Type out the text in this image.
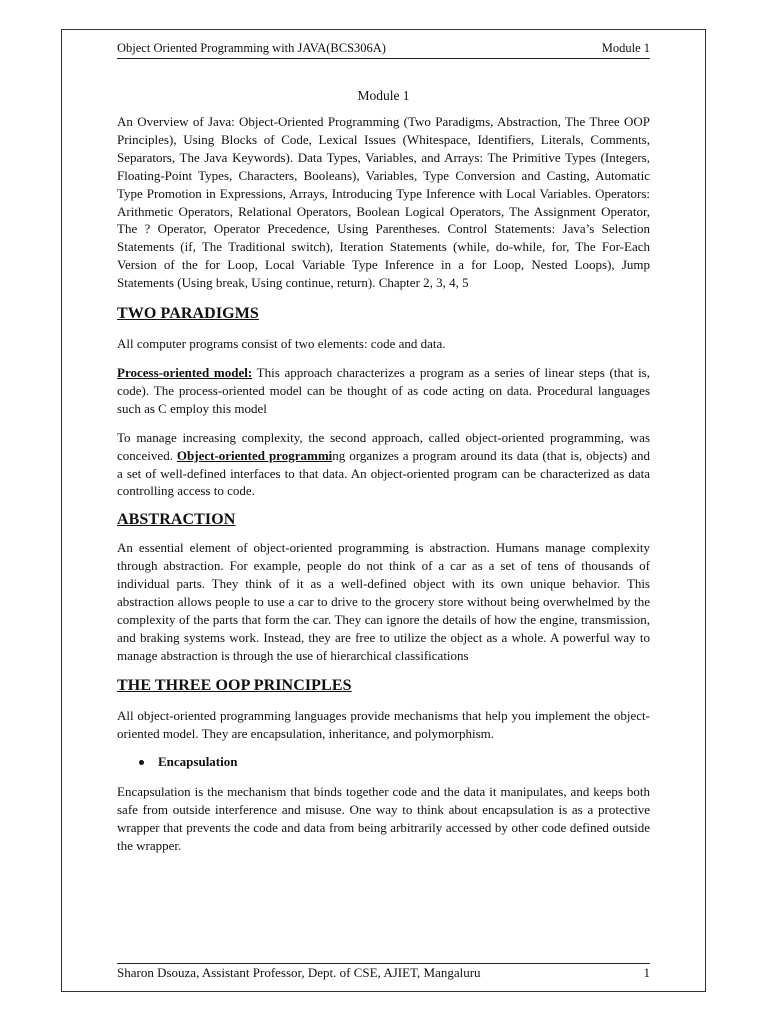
Object Oriented Programming with JAVA(BCS306A)	Module 1
Module 1

An Overview of Java: Object-Oriented Programming (Two Paradigms, Abstraction, The Three OOP Principles), Using Blocks of Code, Lexical Issues (Whitespace, Identifiers, Literals, Comments, Separators, The Java Keywords). Data Types, Variables, and Arrays: The Primitive Types (Integers, Floating-Point Types, Characters, Booleans), Variables, Type Conversion and Casting, Automatic Type Promotion in Expressions, Arrays, Introducing Type Inference with Local Variables. Operators: Arithmetic Operators, Relational Operators, Boolean Logical Operators, The Assignment Operator, The ? Operator, Operator Precedence, Using Parentheses. Control Statements: Java’s Selection Statements (if, The Traditional switch), Iteration Statements (while, do-while, for, The For-Each Version of the for Loop, Local Variable Type Inference in a for Loop, Nested Loops), Jump Statements (Using break, Using continue, return). Chapter 2, 3, 4, 5

TWO PARADIGMS

All computer programs consist of two elements: code and data.

Process-oriented model: This approach characterizes a program as a series of linear steps (that is, code). The process-oriented model can be thought of as code acting on data. Procedural languages such as C employ this model

To manage increasing complexity, the second approach, called object-oriented programming, was conceived. Object-oriented programming organizes a program around its data (that is, objects) and a set of well-defined interfaces to that data. An object-oriented program can be characterized as data controlling access to code.

ABSTRACTION

An essential element of object-oriented programming is abstraction. Humans manage complexity through abstraction. For example, people do not think of a car as a set of tens of thousands of individual parts. They think of it as a well-defined object with its own unique behavior. This abstraction allows people to use a car to drive to the grocery store without being overwhelmed by the complexity of the parts that form the car. They can ignore the details of how the engine, transmission, and braking systems work. Instead, they are free to utilize the object as a whole. A powerful way to manage abstraction is through the use of hierarchical classifications

THE THREE OOP PRINCIPLES

All object-oriented programming languages provide mechanisms that help you implement the object-oriented model. They are encapsulation, inheritance, and polymorphism.

Encapsulation

Encapsulation is the mechanism that binds together code and the data it manipulates, and keeps both safe from outside interference and misuse. One way to think about encapsulation is as a protective wrapper that prevents the code and data from being arbitrarily accessed by other code defined outside the wrapper.

Sharon Dsouza, Assistant Professor, Dept. of CSE, AJIET, Mangaluru	1
